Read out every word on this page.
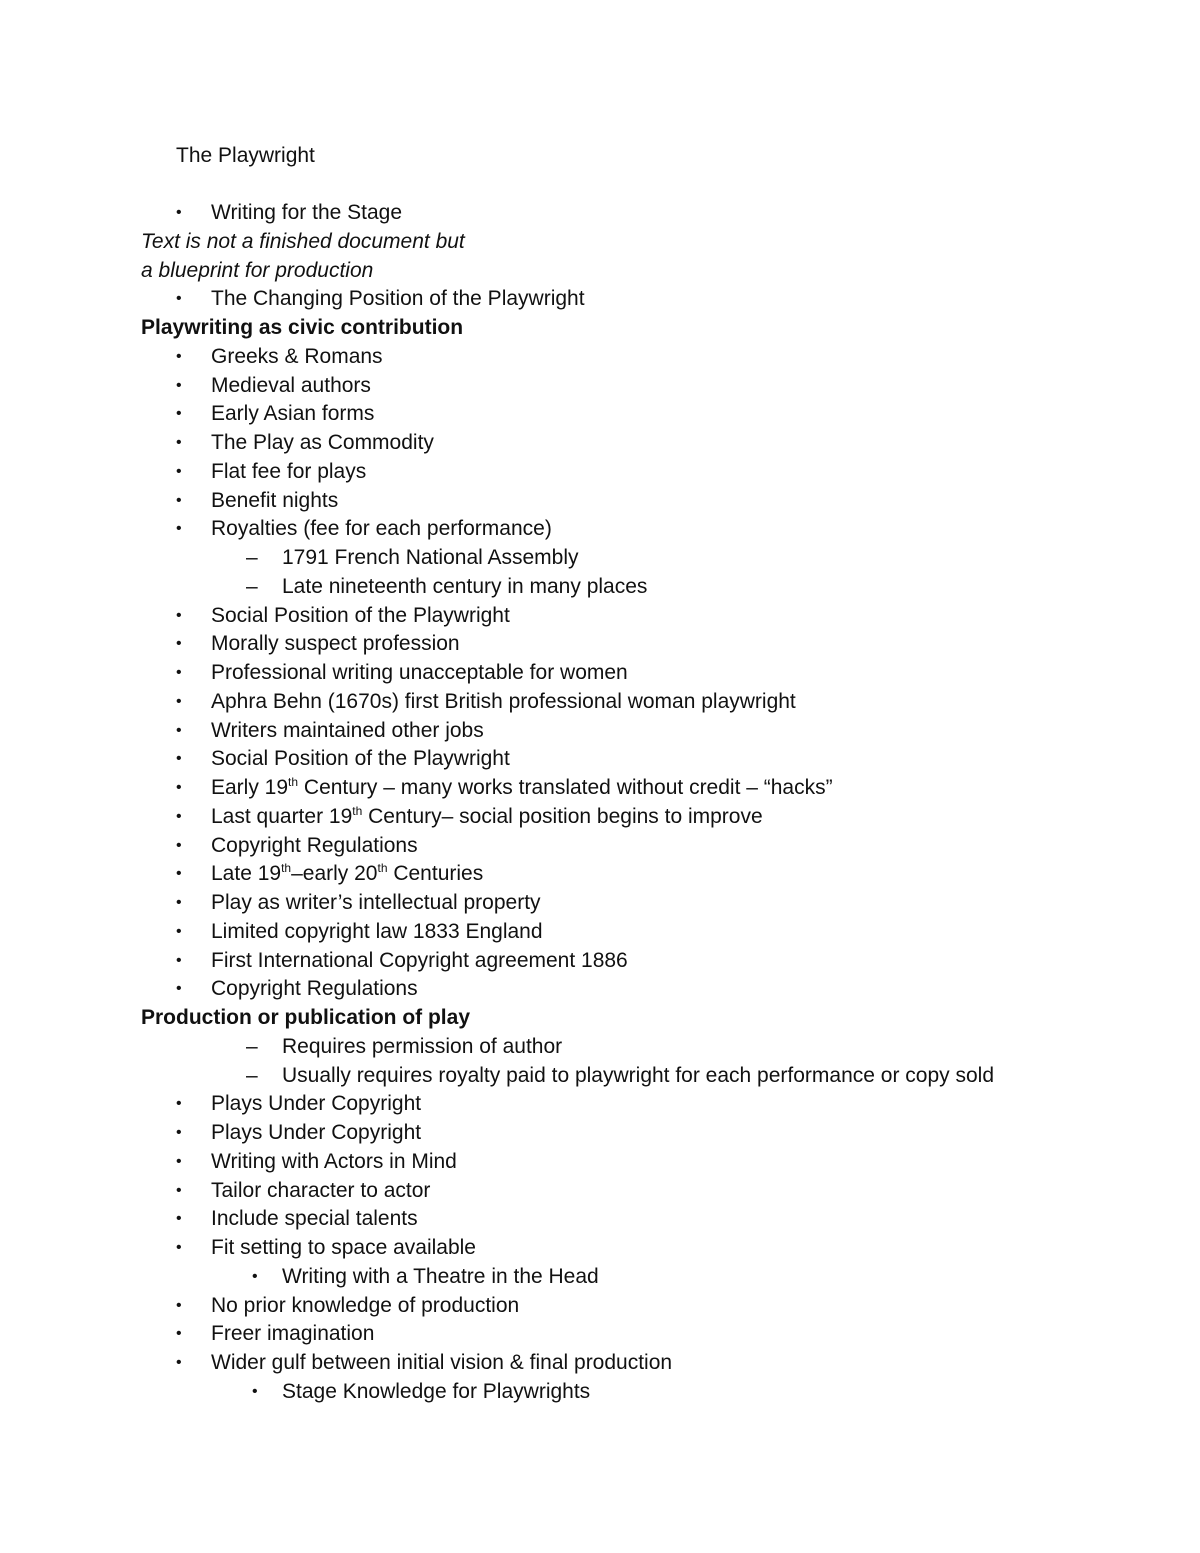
The Playwright
• Writing for the Stage
Text is not a finished document but
a blueprint for production
• The Changing Position of the Playwright
Playwriting as civic contribution
• Greeks & Romans
• Medieval authors
• Early Asian forms
• The Play as Commodity
• Flat fee for plays
• Benefit nights
• Royalties (fee for each performance)
– 1791 French National Assembly
– Late nineteenth century in many places
• Social Position of the Playwright
• Morally suspect profession
• Professional writing unacceptable for women
• Aphra Behn (1670s) first British professional woman playwright
• Writers maintained other jobs
• Social Position of the Playwright
• Early 19th Century – many works translated without credit – “hacks”
• Last quarter 19th Century– social position begins to improve
• Copyright Regulations
• Late 19th–early 20th Centuries
• Play as writer’s intellectual property
• Limited copyright law 1833 England
• First International Copyright agreement 1886
• Copyright Regulations
Production or publication of play
– Requires permission of author
– Usually requires royalty paid to playwright for each performance or copy sold
• Plays Under Copyright
• Plays Under Copyright
• Writing with Actors in Mind
• Tailor character to actor
• Include special talents
• Fit setting to space available
• Writing with a Theatre in the Head
• No prior knowledge of production
• Freer imagination
• Wider gulf between initial vision & final production
• Stage Knowledge for Playwrights
